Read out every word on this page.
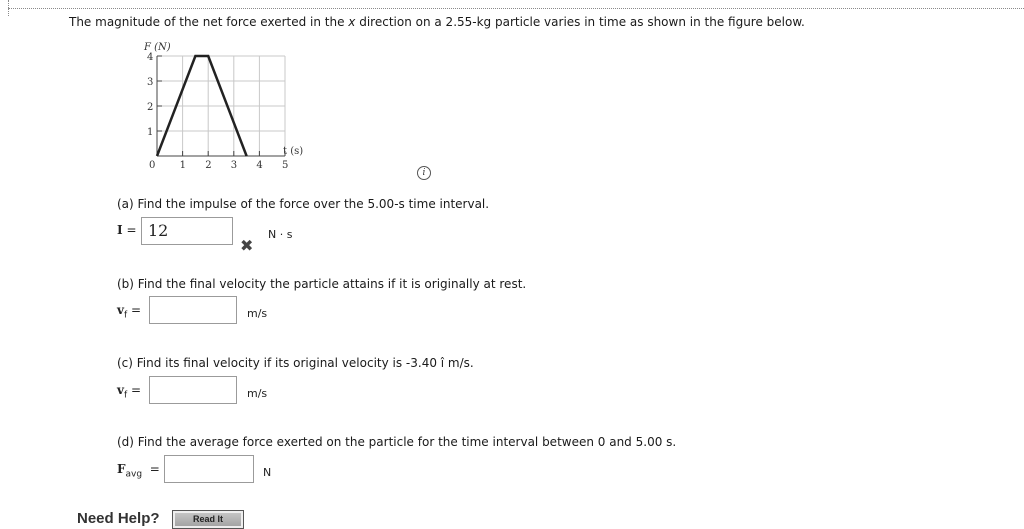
The magnitude of the net force exerted in the x direction on a 2.55-kg particle varies in time as shown in the figure below.
0 1 2 3 4 5
1
2
3
4
F (N)
t (s)
i
(a) Find the impulse of the force over the 5.00-s time interval.
I = 12	N · s
✖
(b) Find the final velocity the particle attains if it is originally at rest.
$v_f$ =	m/s
(c) Find its final velocity if its original velocity is -3.40 î m/s.
$v_f$ =	m/s
(d) Find the average force exerted on the particle for the time interval between 0 and 5.00 s.
$F_{avg}$ =	N
Need Help?	Read It
